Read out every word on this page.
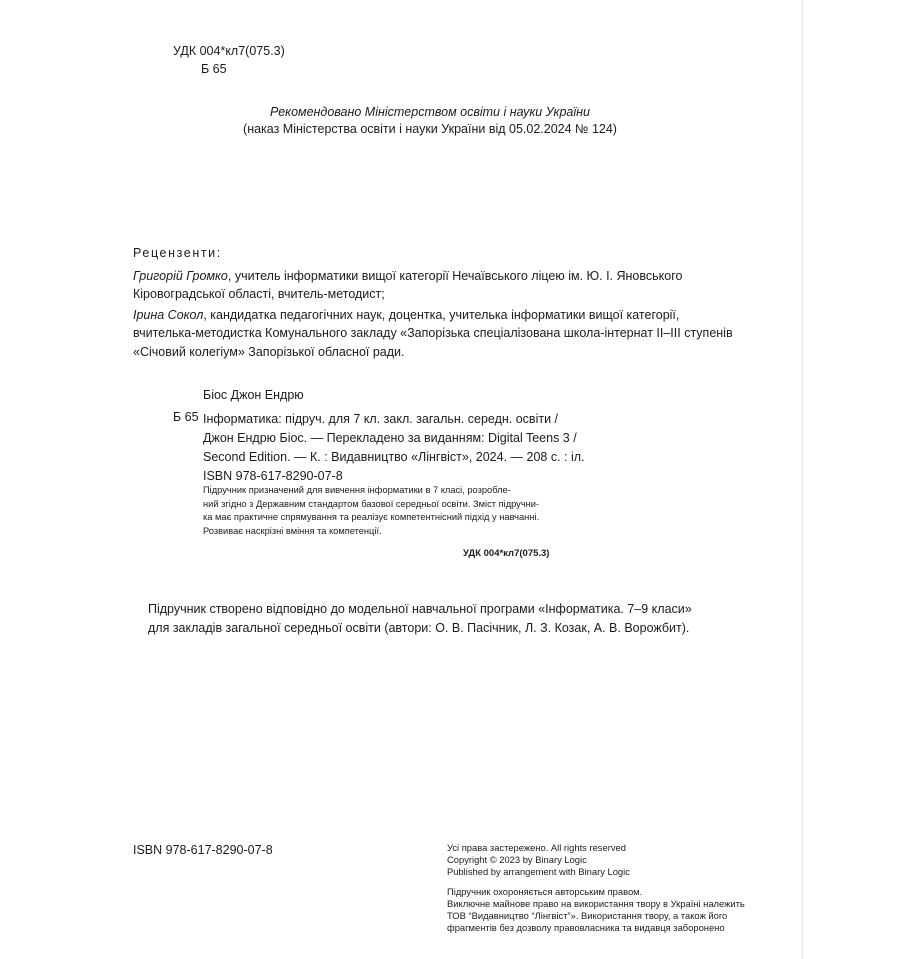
УДК 004*кл7(075.3)
Б 65
Рекомендовано Міністерством освіти і науки України
(наказ Міністерства освіти і науки України від 05.02.2024 № 124)
Рецензенти:
Григорій Громко, учитель інформатики вищої категорії Нечаївського ліцею ім. Ю. І. Яновського
Кіровоградської області, вчитель-методист;
Ірина Сокол, кандидатка педагогічних наук, доцентка, учителька інформатики вищої категорії,
вчителька-методистка Комунального закладу «Запорізька спеціалізована школа-інтернат ІІ–ІІІ ступенів
«Січовий колегіум» Запорізької обласної ради.
Біос Джон Ендрю
Б 65 Інформатика: підруч. для 7 кл. закл. загальн. середн. освіти /
Джон Ендрю Біос. — Перекладено за виданням: Digital Teens 3 /
Second Edition. — К. : Видавництво «Лінгвіст», 2024. — 208 с. : іл.
ISBN 978-617-8290-07-8
Підручник призначений для вивчення інформатики в 7 класі, розроблe-
ний згідно з Державним стандартом базової середньої освіти. Зміст підручни-
ка має практичне спрямування та реалізує компетентнісний підхід у навчанні.
Розвиває наскрізні вміння та компетенції.
УДК 004*кл7(075.3)
Підручник створено відповідно до модельної навчальної програми «Інформатика. 7–9 класи»
для закладів загальної середньої освіти (автори: О. В. Пасічник, Л. З. Козак, А. В. Ворожбит).
ISBN 978-617-8290-07-8	Усі права застережено. All rights reserved
Copyright © 2023 by Binary Logic
Published by arrangement with Binary Logic
Підручник охороняється авторським правом.
Виключне майнове право на використання твору в Україні належить
ТОВ “Видавництво “Лінгвіст”». Використання твору, а також його
фрагментів без дозволу правовласника та видавця заборонено
